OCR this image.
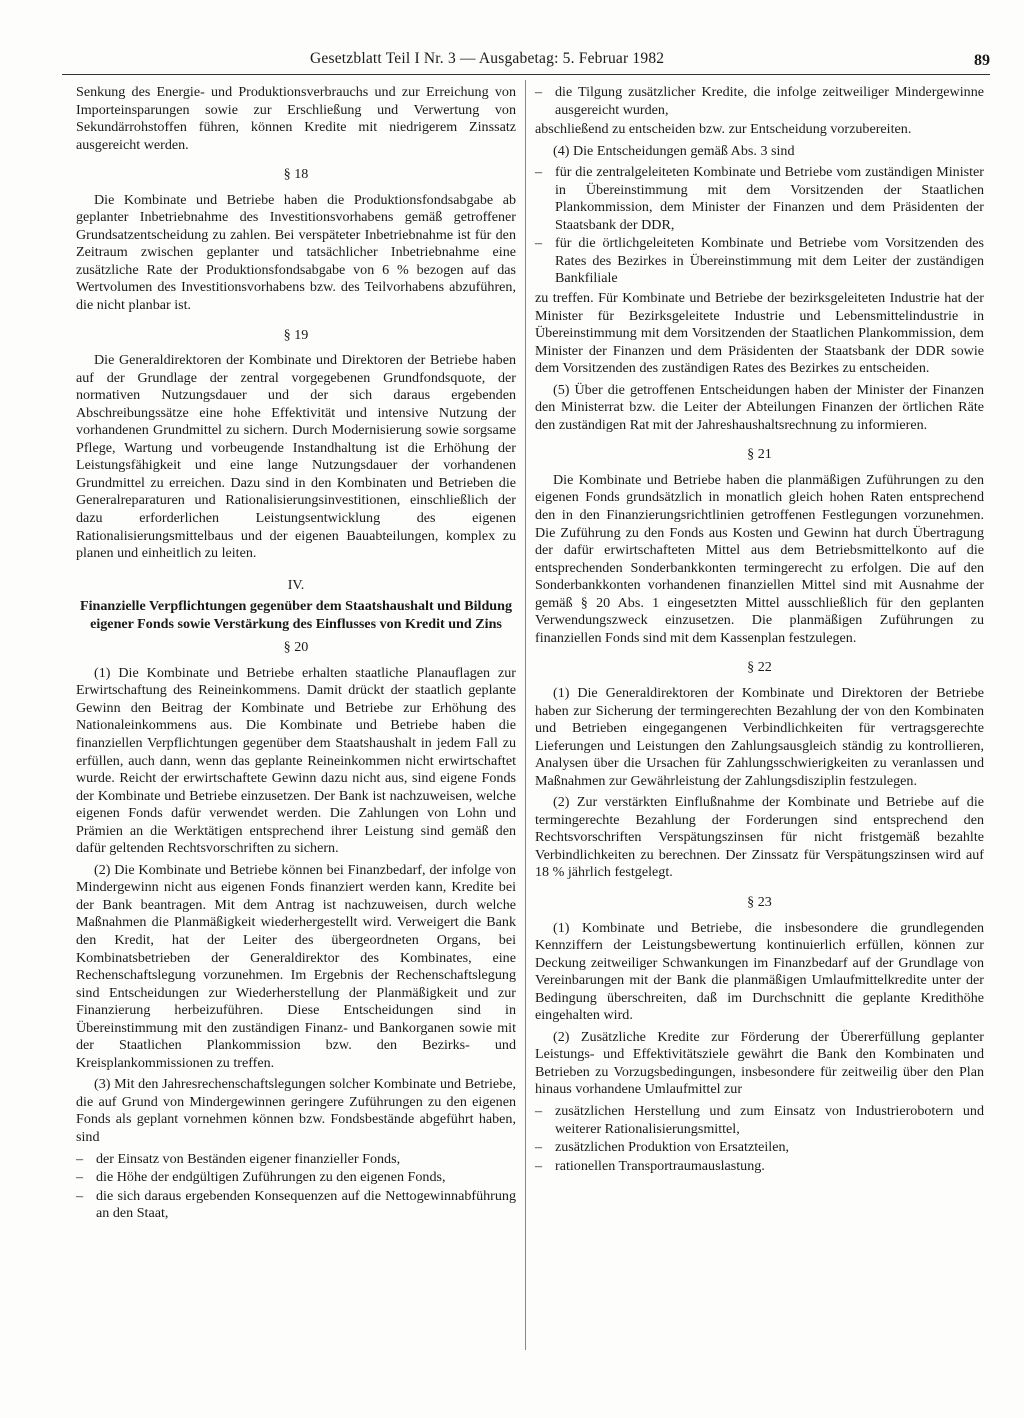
Gesetzblatt Teil I Nr. 3 — Ausgabetag: 5. Februar 1982	89

Senkung des Energie- und Produktionsverbrauchs und zur Erreichung von Importeinsparungen sowie zur Erschließung und Verwertung von Sekundärrohstoffen führen, können Kredite mit niedrigerem Zinssatz ausgereicht werden.

§ 18

Die Kombinate und Betriebe haben die Produktionsfondsabgabe ab geplanter Inbetriebnahme des Investitionsvorhabens gemäß getroffener Grundsatzentscheidung zu zahlen. Bei verspäteter Inbetriebnahme ist für den Zeitraum zwischen geplanter und tatsächlicher Inbetriebnahme eine zusätzliche Rate der Produktionsfondsabgabe von 6 % bezogen auf das Wertvolumen des Investitionsvorhabens bzw. des Teilvorhabens abzuführen, die nicht planbar ist.

§ 19

Die Generaldirektoren der Kombinate und Direktoren der Betriebe haben auf der Grundlage der zentral vorgegebenen Grundfondsquote, der normativen Nutzungsdauer und der sich daraus ergebenden Abschreibungssätze eine hohe Effektivität und intensive Nutzung der vorhandenen Grundmittel zu sichern. Durch Modernisierung sowie sorgsame Pflege, Wartung und vorbeugende Instandhaltung ist die Erhöhung der Leistungsfähigkeit und eine lange Nutzungsdauer der vorhandenen Grundmittel zu erreichen. Dazu sind in den Kombinaten und Betrieben die Generalreparaturen und Rationalisierungsinvestitionen, einschließlich der dazu erforderlichen Leistungsentwicklung des eigenen Rationalisierungsmittelbaus und der eigenen Bauabteilungen, komplex zu planen und einheitlich zu leiten.

IV.
Finanzielle Verpflichtungen gegenüber dem Staatshaushalt und Bildung eigener Fonds sowie Verstärkung des Einflusses von Kredit und Zins
§ 20

(1) Die Kombinate und Betriebe erhalten staatliche Planauflagen zur Erwirtschaftung des Reineinkommens. Damit drückt der staatlich geplante Gewinn den Beitrag der Kombinate und Betriebe zur Erhöhung des Nationaleinkommens aus. Die Kombinate und Betriebe haben die finanziellen Verpflichtungen gegenüber dem Staatshaushalt in jedem Fall zu erfüllen, auch dann, wenn das geplante Reineinkommen nicht erwirtschaftet wurde. Reicht der erwirtschaftete Gewinn dazu nicht aus, sind eigene Fonds der Kombinate und Betriebe einzusetzen. Der Bank ist nachzuweisen, welche eigenen Fonds dafür verwendet werden. Die Zahlungen von Lohn und Prämien an die Werktätigen entsprechend ihrer Leistung sind gemäß den dafür geltenden Rechtsvorschriften zu sichern.

(2) Die Kombinate und Betriebe können bei Finanzbedarf, der infolge von Mindergewinn nicht aus eigenen Fonds finanziert werden kann, Kredite bei der Bank beantragen. Mit dem Antrag ist nachzuweisen, durch welche Maßnahmen die Planmäßigkeit wiederhergestellt wird. Verweigert die Bank den Kredit, hat der Leiter des übergeordneten Organs, bei Kombinatsbetrieben der Generaldirektor des Kombinates, eine Rechenschaftslegung vorzunehmen. Im Ergebnis der Rechenschaftslegung sind Entscheidungen zur Wiederherstellung der Planmäßigkeit und zur Finanzierung herbeizuführen. Diese Entscheidungen sind in Übereinstimmung mit den zuständigen Finanz- und Bankorganen sowie mit der Staatlichen Plankommission bzw. den Bezirks- und Kreisplankommissionen zu treffen.

(3) Mit den Jahresrechenschaftslegungen solcher Kombinate und Betriebe, die auf Grund von Mindergewinnen geringere Zuführungen zu den eigenen Fonds als geplant vornehmen können bzw. Fondsbestände abgeführt haben, sind

– der Einsatz von Beständen eigener finanzieller Fonds,
– die Höhe der endgültigen Zuführungen zu den eigenen Fonds,
– die sich daraus ergebenden Konsequenzen auf die Nettogewinnabführung an den Staat,
– die Tilgung zusätzlicher Kredite, die infolge zeitweiliger Mindergewinne ausgereicht wurden,

abschließend zu entscheiden bzw. zur Entscheidung vorzubereiten.

(4) Die Entscheidungen gemäß Abs. 3 sind

– für die zentralgeleiteten Kombinate und Betriebe vom zuständigen Minister in Übereinstimmung mit dem Vorsitzenden der Staatlichen Plankommission, dem Minister der Finanzen und dem Präsidenten der Staatsbank der DDR,
– für die örtlichgeleiteten Kombinate und Betriebe vom Vorsitzenden des Rates des Bezirkes in Übereinstimmung mit dem Leiter der zuständigen Bankfiliale

zu treffen. Für Kombinate und Betriebe der bezirksgeleiteten Industrie hat der Minister für Bezirksgeleitete Industrie und Lebensmittelindustrie in Übereinstimmung mit dem Vorsitzenden der Staatlichen Plankommission, dem Minister der Finanzen und dem Präsidenten der Staatsbank der DDR sowie dem Vorsitzenden des zuständigen Rates des Bezirkes zu entscheiden.

(5) Über die getroffenen Entscheidungen haben der Minister der Finanzen den Ministerrat bzw. die Leiter der Abteilungen Finanzen der örtlichen Räte den zuständigen Rat mit der Jahreshaushaltsrechnung zu informieren.

§ 21

Die Kombinate und Betriebe haben die planmäßigen Zuführungen zu den eigenen Fonds grundsätzlich in monatlich gleich hohen Raten entsprechend den in den Finanzierungsrichtlinien getroffenen Festlegungen vorzunehmen. Die Zuführung zu den Fonds aus Kosten und Gewinn hat durch Übertragung der dafür erwirtschafteten Mittel aus dem Betriebsmittelkonto auf die entsprechenden Sonderbankkonten termingerecht zu erfolgen. Die auf den Sonderbankkonten vorhandenen finanziellen Mittel sind mit Ausnahme der gemäß § 20 Abs. 1 eingesetzten Mittel ausschließlich für den geplanten Verwendungszweck einzusetzen. Die planmäßigen Zuführungen zu finanziellen Fonds sind mit dem Kassenplan festzulegen.

§ 22

(1) Die Generaldirektoren der Kombinate und Direktoren der Betriebe haben zur Sicherung der termingerechten Bezahlung der von den Kombinaten und Betrieben eingegangenen Verbindlichkeiten für vertragsgerechte Lieferungen und Leistungen den Zahlungsausgleich ständig zu kontrollieren, Analysen über die Ursachen für Zahlungsschwierigkeiten zu veranlassen und Maßnahmen zur Gewährleistung der Zahlungsdisziplin festzulegen.

(2) Zur verstärkten Einflußnahme der Kombinate und Betriebe auf die termingerechte Bezahlung der Forderungen sind entsprechend den Rechtsvorschriften Verspätungszinsen für nicht fristgemäß bezahlte Verbindlichkeiten zu berechnen. Der Zinssatz für Verspätungszinsen wird auf 18 % jährlich festgelegt.

§ 23

(1) Kombinate und Betriebe, die insbesondere die grundlegenden Kennziffern der Leistungsbewertung kontinuierlich erfüllen, können zur Deckung zeitweiliger Schwankungen im Finanzbedarf auf der Grundlage von Vereinbarungen mit der Bank die planmäßigen Umlaufmittelkredite unter der Bedingung überschreiten, daß im Durchschnitt die geplante Kredithöhe eingehalten wird.

(2) Zusätzliche Kredite zur Förderung der Übererfüllung geplanter Leistungs- und Effektivitätsziele gewährt die Bank den Kombinaten und Betrieben zu Vorzugsbedingungen, insbesondere für zeitweilig über den Plan hinaus vorhandene Umlaufmittel zur

– zusätzlichen Herstellung und zum Einsatz von Industrierobotern und weiterer Rationalisierungsmittel,
– zusätzlichen Produktion von Ersatzteilen,
– rationellen Transportraumauslastung.
